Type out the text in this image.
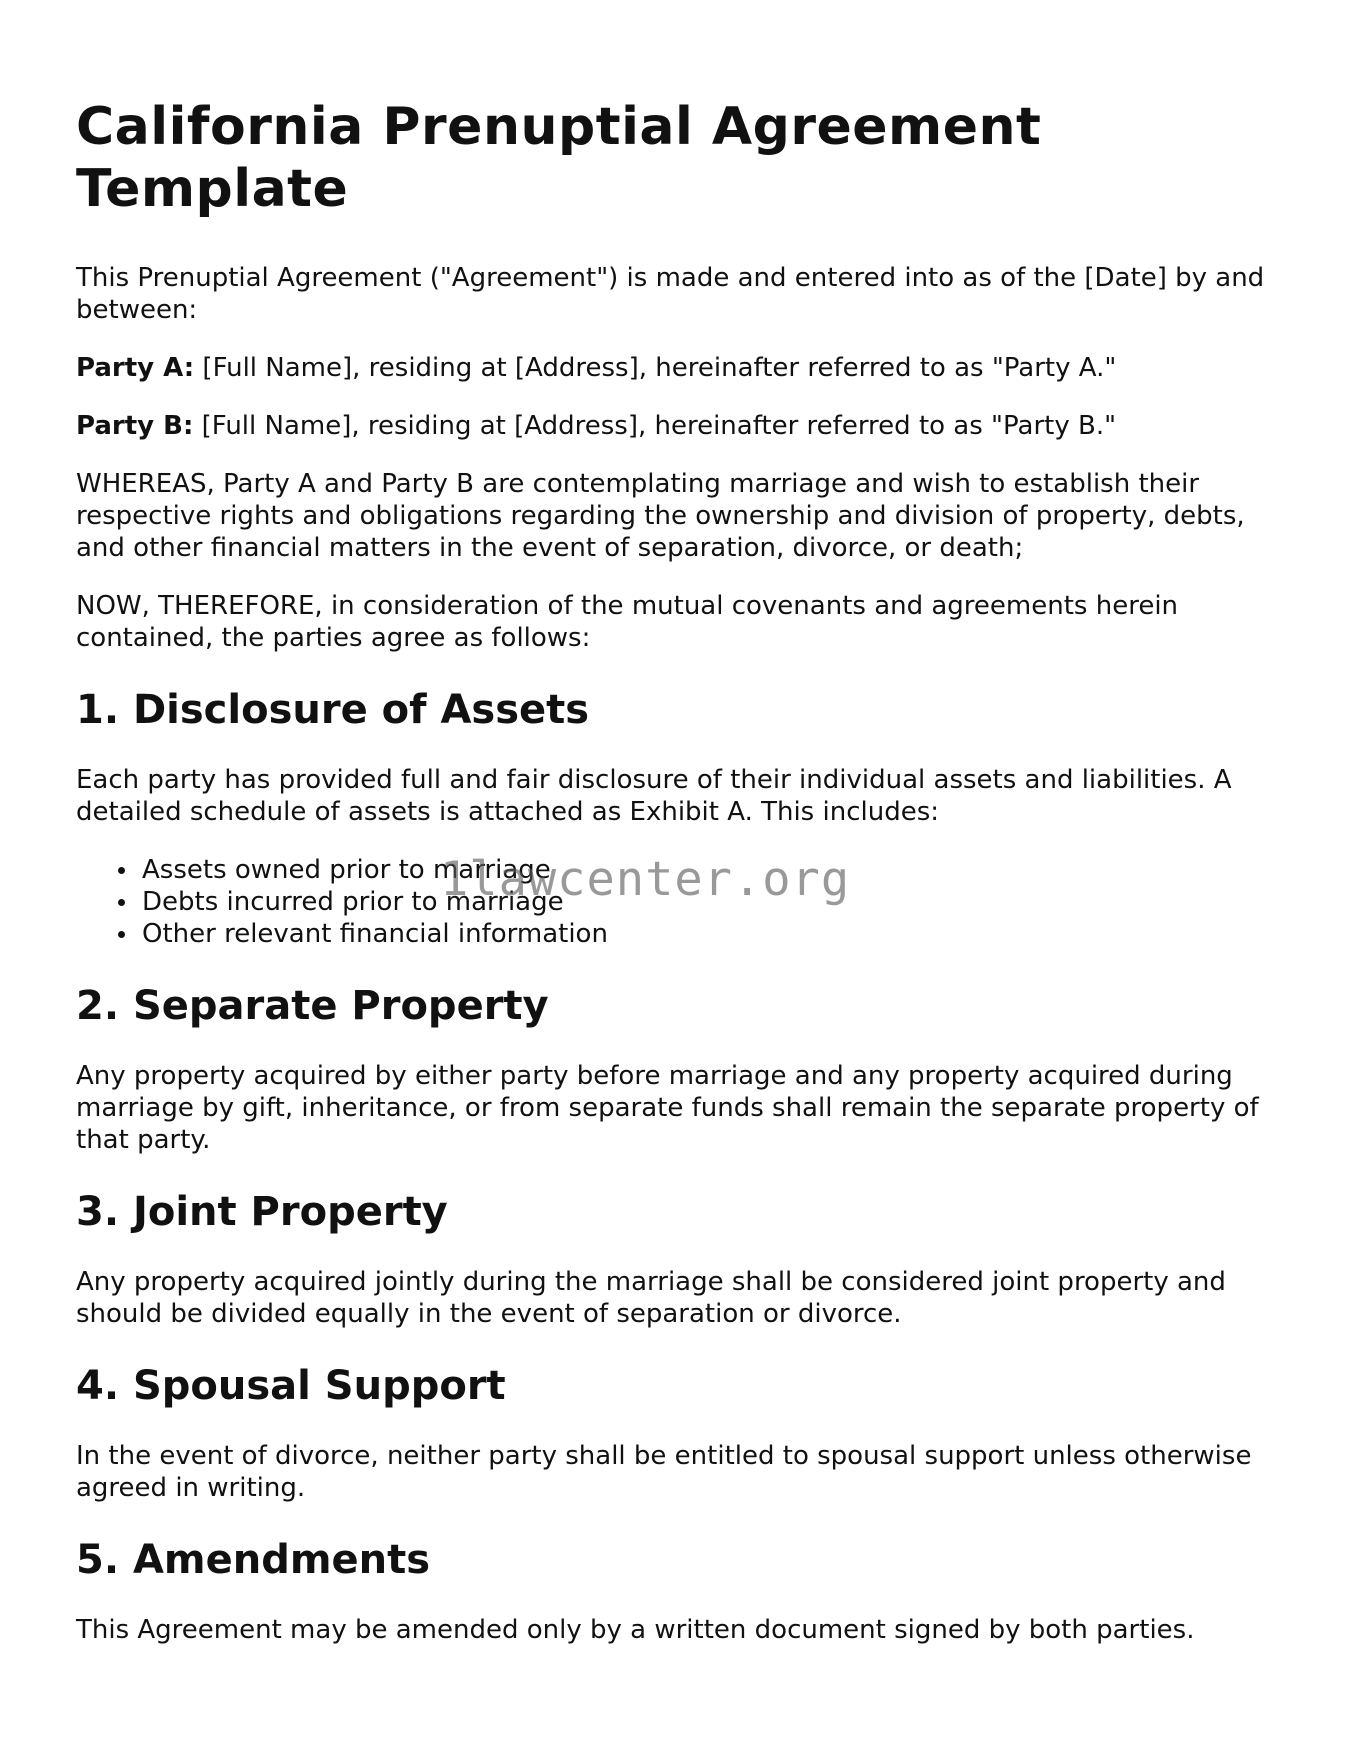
California Prenuptial Agreement Template

This Prenuptial Agreement ("Agreement") is made and entered into as of the [Date] by and between:

Party A: [Full Name], residing at [Address], hereinafter referred to as "Party A."

Party B: [Full Name], residing at [Address], hereinafter referred to as "Party B."

WHEREAS, Party A and Party B are contemplating marriage and wish to establish their respective rights and obligations regarding the ownership and division of property, debts, and other financial matters in the event of separation, divorce, or death;

NOW, THEREFORE, in consideration of the mutual covenants and agreements herein contained, the parties agree as follows:

1. Disclosure of Assets

Each party has provided full and fair disclosure of their individual assets and liabilities. A detailed schedule of assets is attached as Exhibit A. This includes:

Assets owned prior to marriage
Debts incurred prior to marriage
Other relevant financial information
2. Separate Property

Any property acquired by either party before marriage and any property acquired during marriage by gift, inheritance, or from separate funds shall remain the separate property of that party.

3. Joint Property

Any property acquired jointly during the marriage shall be considered joint property and should be divided equally in the event of separation or divorce.

4. Spousal Support

In the event of divorce, neither party shall be entitled to spousal support unless otherwise agreed in writing.

5. Amendments

This Agreement may be amended only by a written document signed by both parties.

1lawcenter.org
